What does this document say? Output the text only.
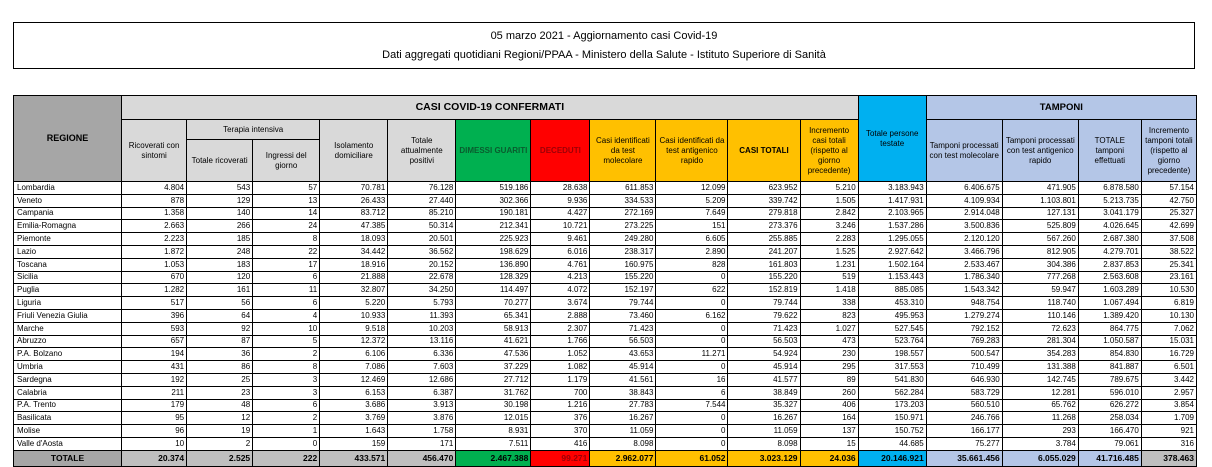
05 marzo 2021 - Aggiornamento casi Covid-19
Dati aggregati quotidiani Regioni/PPAA - Ministero della Salute - Istituto Superiore di Sanità
REGIONE	CASI COVID-19 CONFERMATI											Totale persone testate	TAMPONI			
	Ricoverati con sintomi	Terapia intensiva		Isolamento domiciliare	Totale attualmente positivi	DIMESSI GUARITI	DECEDUTI	Casi identificati da test molecolare	Casi identificati da test antigenico rapido	CASI TOTALI	Incremento casi totali (rispetto al giorno precedente)		Tamponi processati con test molecolare	Tamponi processati con test antigenico rapido	TOTALE tamponi effettuati	Incremento tamponi totali (rispetto al giorno precedente)
		Totale ricoverati	Ingressi del giorno													
Lombardia	4.804	543	57	70.781	76.128	519.186	28.638	611.853	12.099	623.952	5.210	3.183.943	6.406.675	471.905	6.878.580	57.154
Veneto	878	129	13	26.433	27.440	302.366	9.936	334.533	5.209	339.742	1.505	1.417.931	4.109.934	1.103.801	5.213.735	42.750
Campania	1.358	140	14	83.712	85.210	190.181	4.427	272.169	7.649	279.818	2.842	2.103.965	2.914.048	127.131	3.041.179	25.327
Emilia-Romagna	2.663	266	24	47.385	50.314	212.341	10.721	273.225	151	273.376	3.246	1.537.286	3.500.836	525.809	4.026.645	42.699
Piemonte	2.223	185	8	18.093	20.501	225.923	9.461	249.280	6.605	255.885	2.283	1.295.055	2.120.120	567.260	2.687.380	37.508
Lazio	1.872	248	22	34.442	36.562	198.629	6.016	238.317	2.890	241.207	1.525	2.927.642	3.466.796	812.905	4.279.701	38.522
Toscana	1.053	183	17	18.916	20.152	136.890	4.761	160.975	828	161.803	1.231	1.502.164	2.533.467	304.386	2.837.853	25.341
Sicilia	670	120	6	21.888	22.678	128.329	4.213	155.220	0	155.220	519	1.153.443	1.786.340	777.268	2.563.608	23.161
Puglia	1.282	161	11	32.807	34.250	114.497	4.072	152.197	622	152.819	1.418	885.085	1.543.342	59.947	1.603.289	10.530
Liguria	517	56	6	5.220	5.793	70.277	3.674	79.744	0	79.744	338	453.310	948.754	118.740	1.067.494	6.819
Friuli Venezia Giulia	396	64	4	10.933	11.393	65.341	2.888	73.460	6.162	79.622	823	495.953	1.279.274	110.146	1.389.420	10.130
Marche	593	92	10	9.518	10.203	58.913	2.307	71.423	0	71.423	1.027	527.545	792.152	72.623	864.775	7.062
Abruzzo	657	87	5	12.372	13.116	41.621	1.766	56.503	0	56.503	473	523.764	769.283	281.304	1.050.587	15.031
P.A. Bolzano	194	36	2	6.106	6.336	47.536	1.052	43.653	11.271	54.924	230	198.557	500.547	354.283	854.830	16.729
Umbria	431	86	8	7.086	7.603	37.229	1.082	45.914	0	45.914	295	317.553	710.499	131.388	841.887	6.501
Sardegna	192	25	3	12.469	12.686	27.712	1.179	41.561	16	41.577	89	541.830	646.930	142.745	789.675	3.442
Calabria	211	23	3	6.153	6.387	31.762	700	38.843	6	38.849	260	562.284	583.729	12.281	596.010	2.957
P.A. Trento	179	48	6	3.686	3.913	30.198	1.216	27.783	7.544	35.327	406	173.203	560.510	65.762	626.272	3.854
Basilicata	95	12	2	3.769	3.876	12.015	376	16.267	0	16.267	164	150.971	246.766	11.268	258.034	1.709
Molise	96	19	1	1.643	1.758	8.931	370	11.059	0	11.059	137	150.752	166.177	293	166.470	921
Valle d'Aosta	10	2	0	159	171	7.511	416	8.098	0	8.098	15	44.685	75.277	3.784	79.061	316
TOTALE	20.374	2.525	222	433.571	456.470	2.467.388	99.271	2.962.077	61.052	3.023.129	24.036	20.146.921	35.661.456	6.055.029	41.716.485	378.463
